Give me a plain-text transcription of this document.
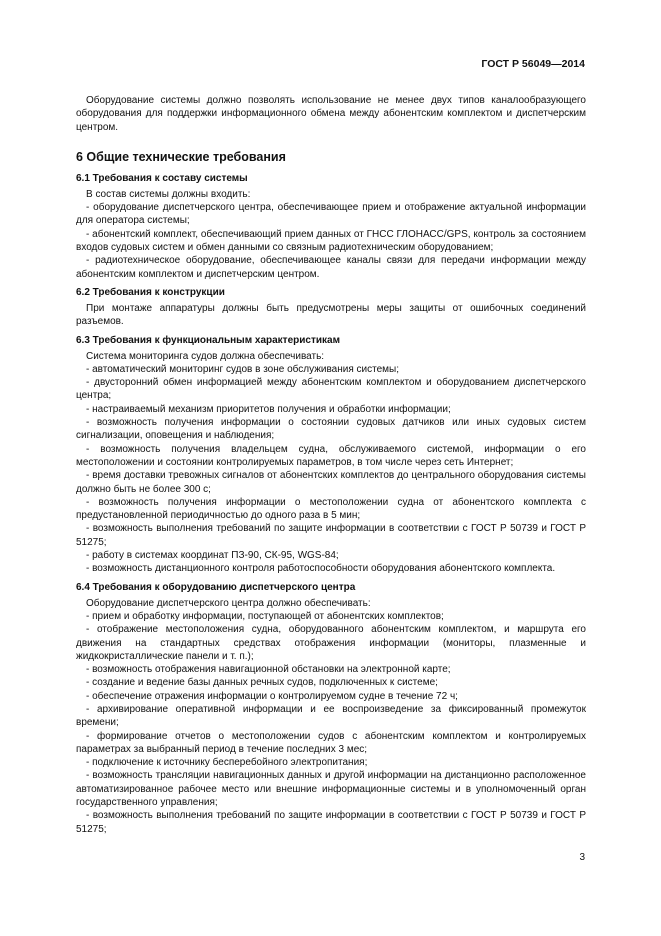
ГОСТ Р 56049—2014

Оборудование системы должно позволять использование не менее двух типов каналообразующего оборудования для поддержки информационного обмена между абонентским комплектом и диспетчерским центром.

6 Общие технические требования
6.1 Требования к составу системы

В состав системы должны входить:

- оборудование диспетчерского центра, обеспечивающее прием и отображение актуальной информации для оператора системы;

- абонентский комплект, обеспечивающий прием данных от ГНСС ГЛОНАСС/GPS, контроль за состоянием входов судовых систем и обмен данными со связным радиотехническим оборудованием;

- радиотехническое оборудование, обеспечивающее каналы связи для передачи информации между абонентским комплектом и диспетчерским центром.

6.2 Требования к конструкции

При монтаже аппаратуры должны быть предусмотрены меры защиты от ошибочных соединений разъемов.

6.3 Требования к функциональным характеристикам

Система мониторинга судов должна обеспечивать:

- автоматический мониторинг судов в зоне обслуживания системы;

- двусторонний обмен информацией между абонентским комплектом и оборудованием диспетчерского центра;

- настраиваемый механизм приоритетов получения и обработки информации;

- возможность получения информации о состоянии судовых датчиков или иных судовых систем сигнализации, оповещения и наблюдения;

- возможность получения владельцем судна, обслуживаемого системой, информации о его местоположении и состоянии контролируемых параметров, в том числе через сеть Интернет;

- время доставки тревожных сигналов от абонентских комплектов до центрального оборудования системы должно быть не более 300 с;

- возможность получения информации о местоположении судна от абонентского комплекта с предустановленной периодичностью до одного раза в 5 мин;

- возможность выполнения требований по защите информации в соответствии с ГОСТ Р 50739 и ГОСТ Р 51275;

- работу в системах координат ПЗ-90, СК-95, WGS-84;

- возможность дистанционного контроля работоспособности оборудования абонентского комплекта.

6.4 Требования к оборудованию диспетчерского центра

Оборудование диспетчерского центра должно обеспечивать:

- прием и обработку информации, поступающей от абонентских комплектов;

- отображение местоположения судна, оборудованного абонентским комплектом, и маршрута его движения на стандартных средствах отображения информации (мониторы, плазменные и жидкокристаллические панели и т. п.);

- возможность отображения навигационной обстановки на электронной карте;

- создание и ведение базы данных речных судов, подключенных к системе;

- обеспечение отражения информации о контролируемом судне в течение 72 ч;

- архивирование оперативной информации и ее воспроизведение за фиксированный промежуток времени;

- формирование отчетов о местоположении судов с абонентским комплектом и контролируемых параметрах за выбранный период в течение последних 3 мес;

- подключение к источнику бесперебойного электропитания;

- возможность трансляции навигационных данных и другой информации на дистанционно расположенное автоматизированное рабочее место или внешние информационные системы и в уполномоченный орган государственного управления;

- возможность выполнения требований по защите информации в соответствии с ГОСТ Р 50739 и ГОСТ Р 51275;

3
